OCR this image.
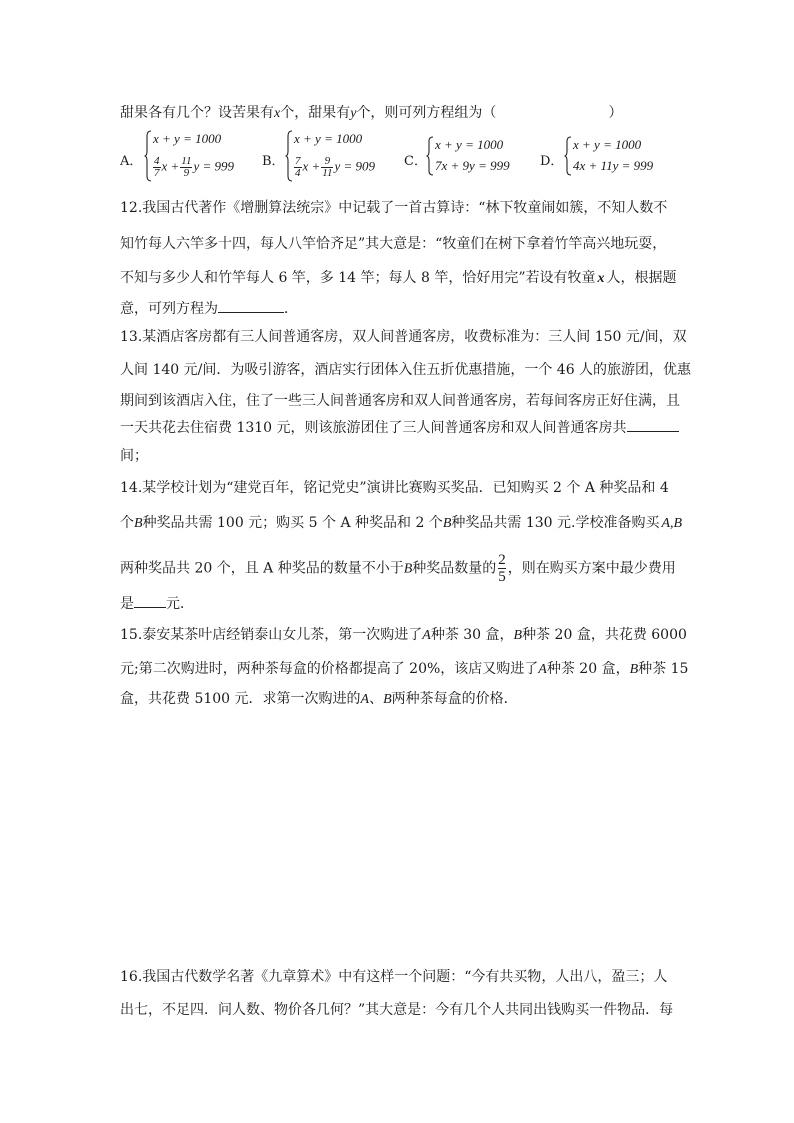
甜果各有几个？设苦果有x个，甜果有y个，则可列方程组为（	）
A．
x + y = 1000
$\frac{4}{7}$ $x + \frac{11}{9}$ y = 999 B．
x + y = 1000
$\frac{7}{4}$ $x + \frac{9}{11}$ y = 909 C．
x + y = 1000
7x + 9y = 999 D．
x + y = 1000
4x + 11y = 999
12.我国古代著作《增删算法统宗》中记载了一首古算诗：“林下牧童闹如簇，不知人数不
知竹每人六竿多十四，每人八竿恰齐足”其大意是：“牧童们在树下拿着竹竿高兴地玩耍，
不知与多少人和竹竿每人 6 竿，多 14 竿；每人 8 竿，恰好用完”若设有牧童 x 人，根据题
意，可列方程为	．
13.某酒店客房都有三人间普通客房，双人间普通客房，收费标准为：三人间 150 元/间，双
人间 140 元/间．为吸引游客，酒店实行团体入住五折优惠措施，一个 46 人的旅游团，优惠
期间到该酒店入住，住了一些三人间普通客房和双人间普通客房，若每间客房正好住满，且
一天共花去住宿费 1310 元，则该旅游团住了三人间普通客房和双人间普通客房共
间；
14.某学校计划为“建党百年，铭记党史”演讲比赛购买奖品．已知购买 2 个 A 种奖品和 4
个B种奖品共需 100 元；购买 5 个 A 种奖品和 2 个B种奖品共需 130 元.学校准备购买 A,B
两种奖品共 20 个，且 A 种奖品的数量不小于B种奖品数量的 $\frac{2}{5}$ ，则在购买方案中最少费用
是 元．
15.泰安某茶叶店经销泰山女儿茶，第一次购进了A种茶 30 盒，B种茶 20 盒，共花费 6000
元;第二次购进时，两种茶每盒的价格都提高了 20%，该店又购进了A种茶 20 盒，B种茶 15
盒，共花费 5100 元．求第一次购进的A、B两种茶每盒的价格．
16.我国古代数学名著《九章算术》中有这样一个问题：“今有共买物，人出八，盈三；人
出七，不足四．问人数、物价各几何？”其大意是：今有几个人共同出钱购买一件物品．每
